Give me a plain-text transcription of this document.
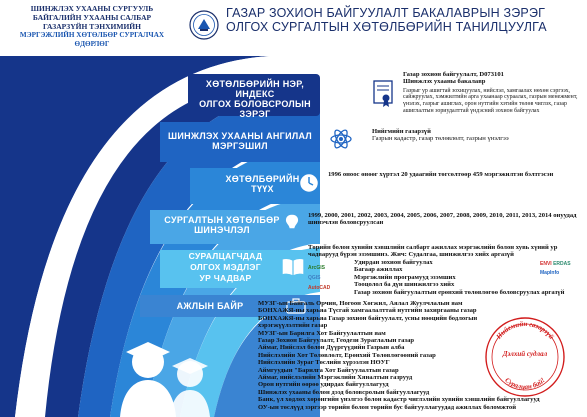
ШИНЖЛЭХ УХААНЫ СУРГУУЛЬ
БАЙГАЛИЙН УХААНЫ САЛБАР
ГАЗАРЗҮЙН ТЭНХИМИЙН
МЭРГЭЖЛИЙН ХӨТӨЛБӨР СУРГАЛЧАХ ӨДӨРЛӨГ
ГАЗАР ЗОХИОН БАЙГУУЛАЛТ БАКАЛАВРЫН ЗЭРЭГ
ОЛГОХ СУРГАЛТЫН ХӨТӨЛБӨРИЙН ТАНИЛЦУУЛГА
ХӨТӨЛБӨРИЙН НЭР, ИНДЕКС
ОЛГОХ БОЛОВСРОЛЫН ЗЭРЭГ
ШИНЖЛЭХ УХААНЫ АНГИЛАЛ
МЭРГЭШИЛ
ХӨТӨЛБӨРИЙН
ТҮҮХ
СУРГАЛТЫН ХӨТӨЛБӨР
ШИНЭЧЛЭЛ
СУРАЛЦАГЧДАД
ОЛГОХ МЭДЛЭГ
УР ЧАДВАР
АЖЛЫН БАЙР
Газар зохион байгуулалт, D073101
Шинжлэх ухааны бакалавр
Газрыг ур ашигтай зохицуулах, нийслэл, хамгаалах нөхөн сэргээх, сайжруулах, хэмжилтийн арга ухаанаар сураалах, газрын менежмент, үнэлэх, газрыг ашиглах, орон нутгийн хэтийн төлөв чиглэх, газар ашиглалтын зориудалттай үндэсний зохион байгуулах
Нийгмийн газарзүй
Газрын кадастр, газар төлөвлөлт, газрын үнэлгээ
1996 оноос өнөөг хүртэл 20 удаагийн төгсөлтөөр 459 мэргэжилтэн бэлтгэсэн
1999, 2000, 2001, 2002, 2003, 2004, 2005, 2006, 2007, 2008, 2009, 2010, 2011, 2013, 2014 онуудад шинэчлэн боловсруулсан
Төрийн болон хувийн хэвшлийн салбарт ажиллах мэргэжлийн болон хувь хүний ур чадварууд бүрэн эзэмшинэ. Жич: Судалгаа, шинжилгээ хийх аргазүй
Удирдан зохион байгуулах
Багаар ажиллах
Мэргэжлийн програмууд эзэмших
Тооцолол ба дүн шинжилгээ хийх
Газар зохион байгуулалтын ерөнхий төлөвлөгөө боловсруулах аргазүй
ArcGIS
QGIS
AutoCAD
ENVI ERDAS
MapInfo
МУЗГ-ын Байгаль Орчин, Ногоон Хөгжил, Аялал Жуулчлалын яам
БОНХАЖЯ-ны харьяа Түсгай хамгаалалттай нутгийн захиргааны газар
БОНХАЖЯ-ны харьяа Газар зохион байгуулалт, усны нөөцийн бодлогын хэрэгжүүлэлтийн газар
МУЗГ-ын Барилга Хот Байгуулалтын яам
Газар Зохион Байгуулалт, Геодези Зураглалын газар
Аймаг, Нийслэл болон Дүүргүүдийн Газрын алба
Нийслэлийн Хот Төлөвлөлт, Ерөнхий Төлөвлөгөөний газар
Нийслэлийн Зураг Төслийн хүрээлэн НӨУГ
Аймгуудын "Барилга Хот Байгуулалтын газар
Аймаг, нийслэлийн Мэргэжлийн Хяналтын газрууд
Орон нутгийн өөрөө удирдах байгууллагууд
Шинжлэх ухааны болон дээд боловсролын байгууллагууд
Банк, үл хөдлөх хөрөнгийн үнэлгээ болон кадастр чиглэлийн хувийн хэвшлийн байгууллагууд
ОУ-ын төслүүд зэргээр төрийн болон төрийн бус байгууллагуудад ажиллах боломжтой
Нийгмийн газарзүй
Дэлхий судлал
Суралцан бай!
